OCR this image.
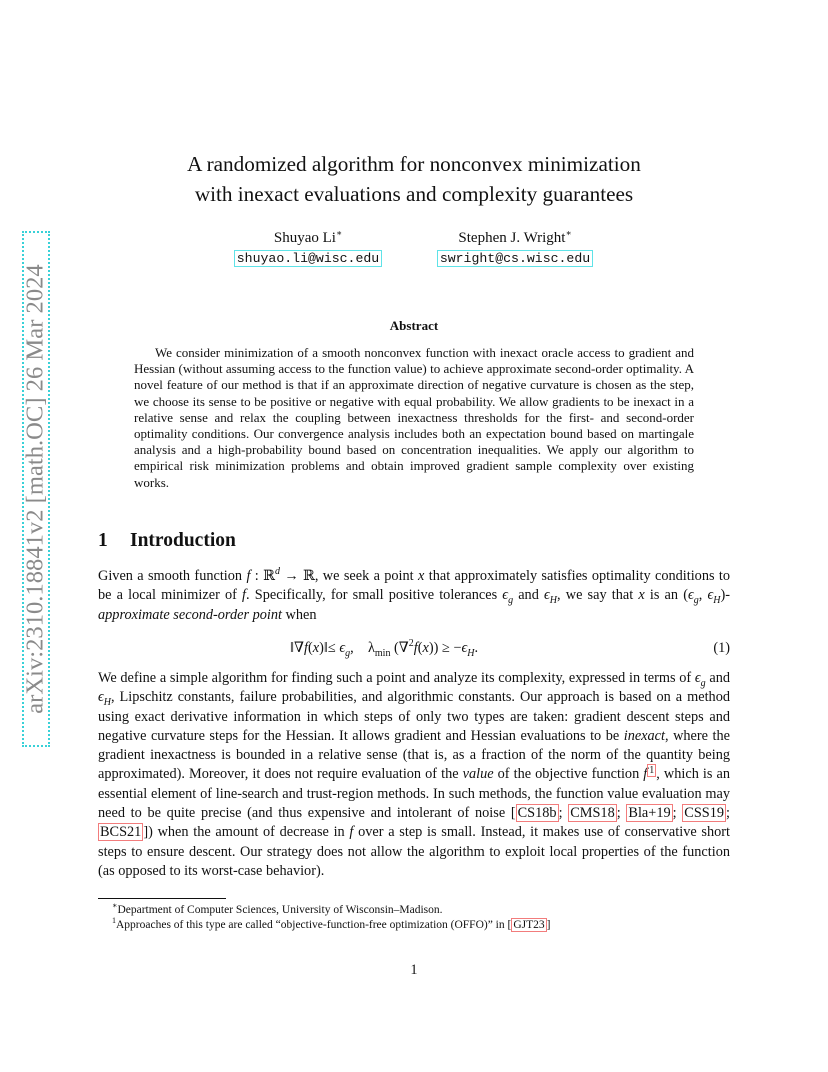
arXiv:2310.18841v2 [math.OC] 26 Mar 2024
A randomized algorithm for nonconvex minimization
with inexact evaluations and complexity guarantees
Shuyao Li∗
shuyao.li@wisc.edu
Stephen J. Wright∗
swright@cs.wisc.edu
Abstract

We consider minimization of a smooth nonconvex function with inexact oracle access to gradient and Hessian (without assuming access to the function value) to achieve approximate second-order optimality. A novel feature of our method is that if an approximate direction of negative curvature is chosen as the step, we choose its sense to be positive or negative with equal probability. We allow gradients to be inexact in a relative sense and relax the coupling between inexactness thresholds for the first- and second-order optimality conditions. Our convergence analysis includes both an expectation bound based on martingale analysis and a high-probability bound based on concentration inequalities. We apply our algorithm to empirical risk minimization problems and obtain improved gradient sample complexity over existing works.

1 Introduction

Given a smooth function f : ℝ$^d$ → ℝ, we seek a point x that approximately satisfies optimality conditions to be a local minimizer of f. Specifically, for small positive tolerances $\epsilon_g$ and $\epsilon_H$, we say that x is an ($\epsilon_g$, $\epsilon_H$)-approximate second-order point when

‖∇f(x)‖≤ $\epsilon_g$,    $\lambda_{min}$ $(\nabla^2f(x)) \ge -\epsilon_H$.	(1)

We define a simple algorithm for finding such a point and analyze its complexity, expressed in terms of $\epsilon_g$ and $\epsilon_H$, Lipschitz constants, failure probabilities, and algorithmic constants. Our approach is based on a method using exact derivative information in which steps of only two types are taken: gradient descent steps and negative curvature steps for the Hessian. It allows gradient and Hessian evaluations to be inexact, where the gradient inexactness is bounded in a relative sense (that is, as a fraction of the norm of the quantity being approximated). Moreover, it does not require evaluation of the value of the objective function f $^1$ , which is an essential element of line-search and trust-region methods. In such methods, the function value evaluation may need to be quite precise (and thus expensive and intolerant of noise [ CS18b ; CMS18 ; Bla+19 ; CSS19 ; BCS21 ]) when the amount of decrease in f over a step is small. Instead, it makes use of conservative short steps to ensure descent. Our strategy does not allow the algorithm to exploit local properties of the function (as opposed to its worst-case behavior).

∗Department of Computer Sciences, University of Wisconsin–Madison.

$^1$Approaches of this type are called “objective-function-free optimization (OFFO)” in [ GJT23 ]

1
